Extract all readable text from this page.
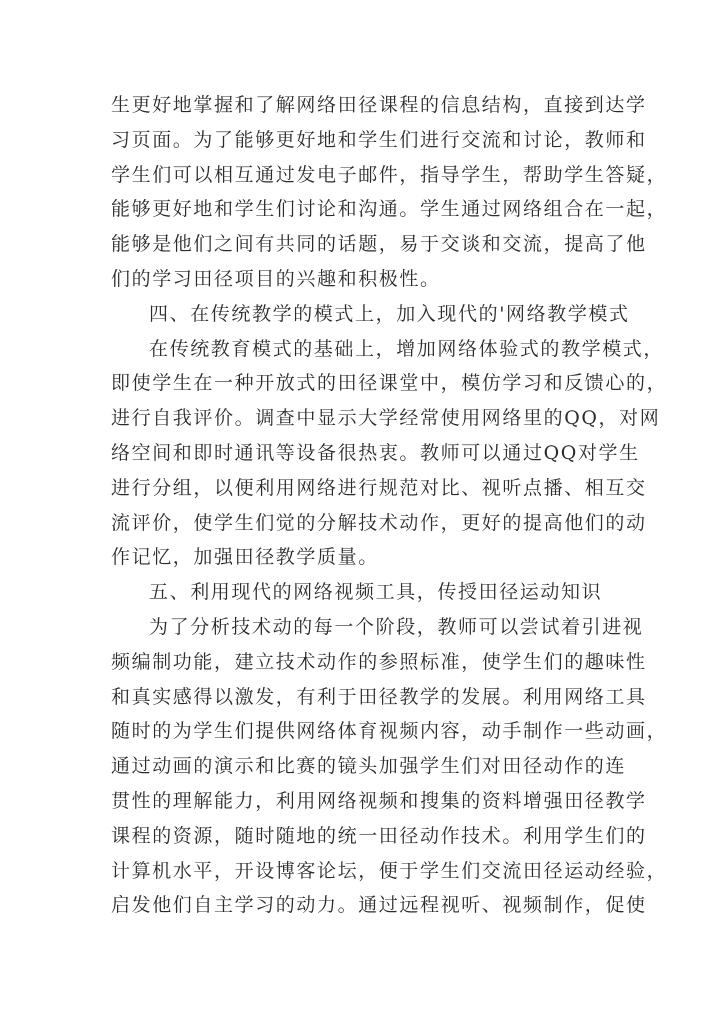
生更好地掌握和了解网络田径课程的信息结构，直接到达学
习页面。为了能够更好地和学生们进行交流和讨论，教师和
学生们可以相互通过发电子邮件，指导学生，帮助学生答疑，
能够更好地和学生们讨论和沟通。学生通过网络组合在一起，
能够是他们之间有共同的话题，易于交谈和交流，提高了他
们的学习田径项目的兴趣和积极性。
四、在传统教学的模式上，加入现代的'网络教学模式
在传统教育模式的基础上，增加网络体验式的教学模式，
即使学生在一种开放式的田径课堂中，模仿学习和反馈心的，
进行自我评价。调查中显示大学经常使用网络里的QQ，对网
络空间和即时通讯等设备很热衷。教师可以通过QQ对学生
进行分组，以便利用网络进行规范对比、视听点播、相互交
流评价，使学生们觉的分解技术动作，更好的提高他们的动
作记忆，加强田径教学质量。
五、利用现代的网络视频工具，传授田径运动知识
为了分析技术动的每一个阶段，教师可以尝试着引进视
频编制功能，建立技术动作的参照标准，使学生们的趣味性
和真实感得以激发，有利于田径教学的发展。利用网络工具
随时的为学生们提供网络体育视频内容，动手制作一些动画，
通过动画的演示和比赛的镜头加强学生们对田径动作的连
贯性的理解能力，利用网络视频和搜集的资料增强田径教学
课程的资源，随时随地的统一田径动作技术。利用学生们的
计算机水平，开设博客论坛，便于学生们交流田径运动经验，
启发他们自主学习的动力。通过远程视听、视频制作，促使
